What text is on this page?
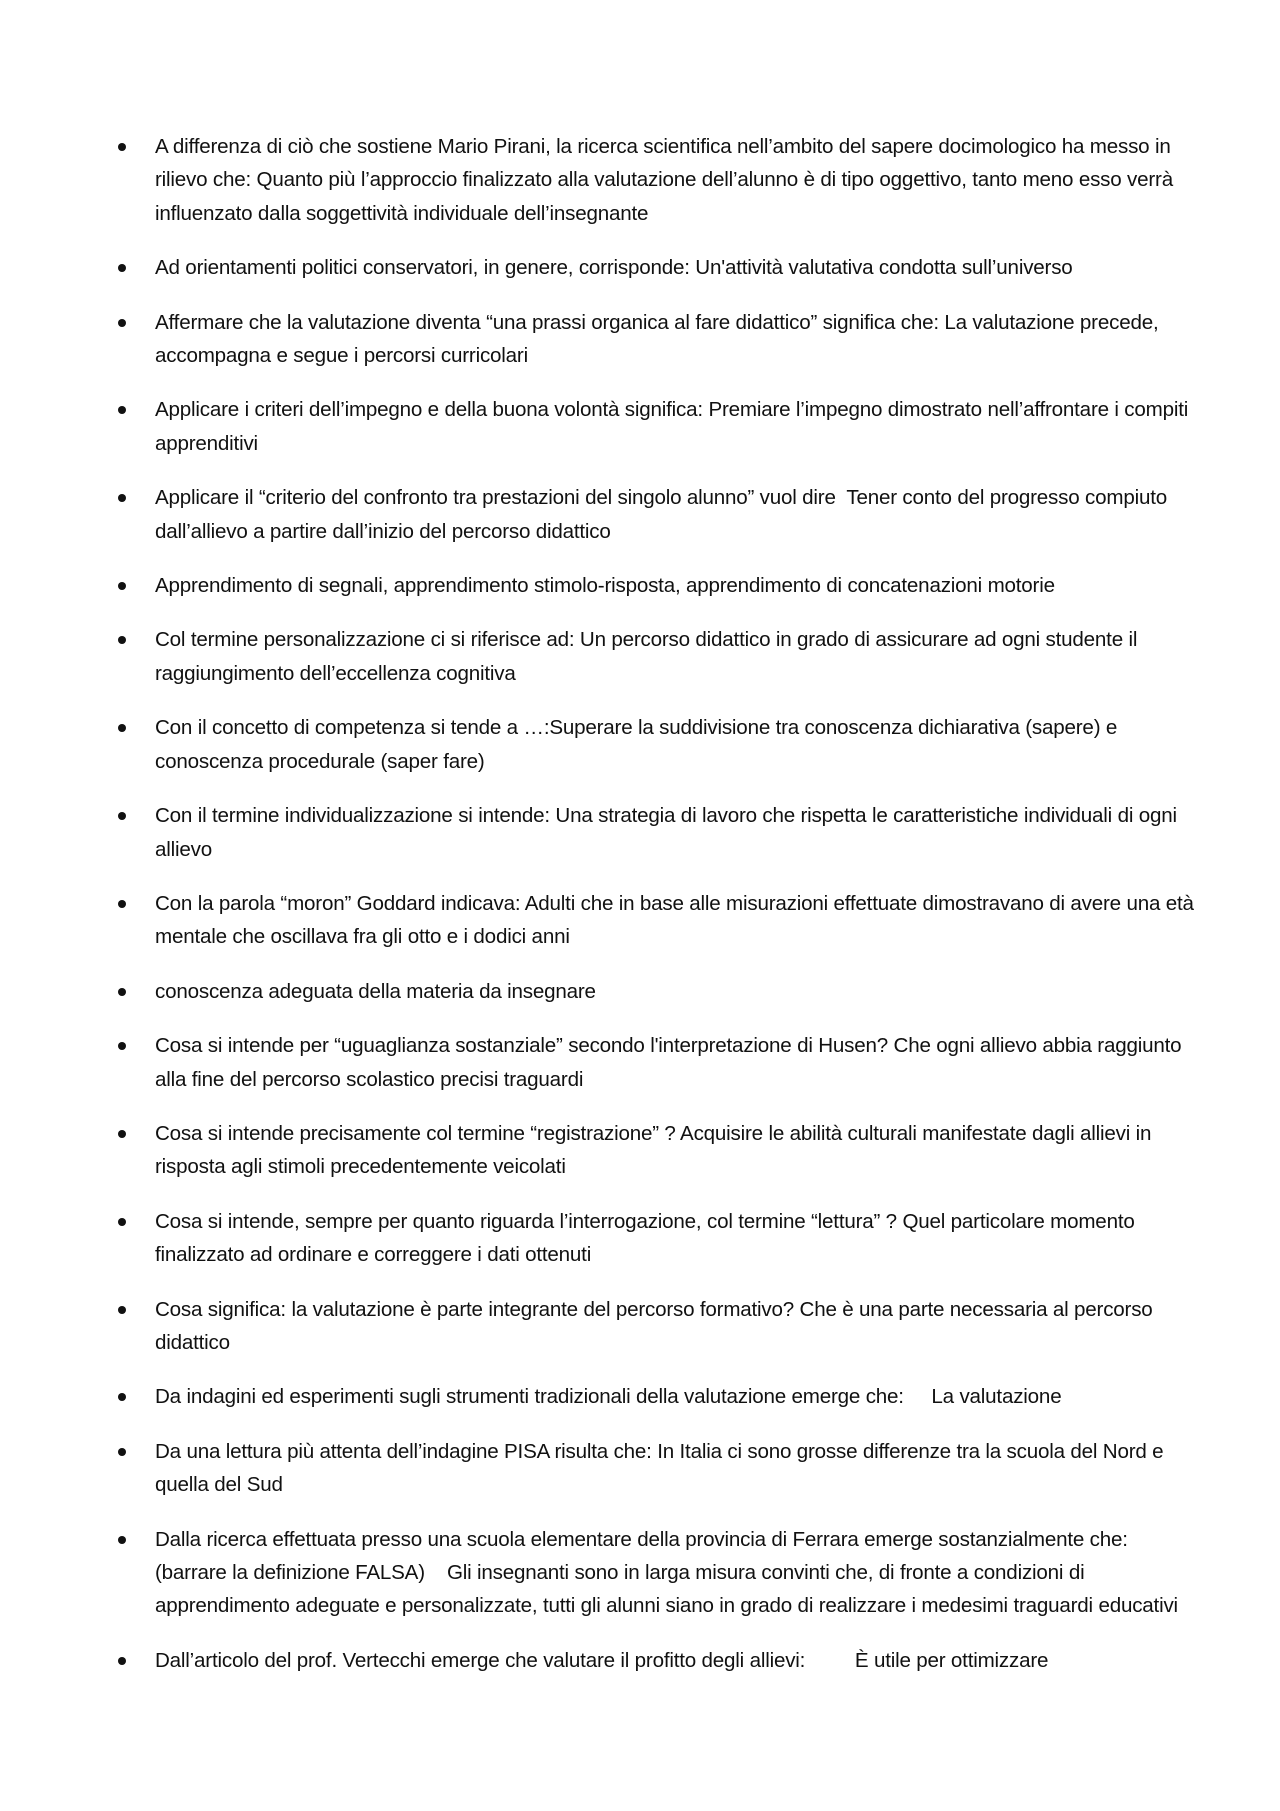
A differenza di ciò che sostiene Mario Pirani, la ricerca scientifica nell’ambito del sapere docimologico ha messo in rilievo che: Quanto più l’approccio finalizzato alla valutazione dell’alunno è di tipo oggettivo, tanto meno esso verrà influenzato dalla soggettività individuale dell’insegnante
Ad orientamenti politici conservatori, in genere, corrisponde: Un'attività valutativa condotta sull’universo
Affermare che la valutazione diventa “una prassi organica al fare didattico” significa che: La valutazione precede, accompagna e segue i percorsi curricolari
Applicare i criteri dell’impegno e della buona volontà significa: Premiare l’impegno dimostrato nell’affrontare i compiti apprenditivi
Applicare il “criterio del confronto tra prestazioni del singolo alunno” vuol dire  Tener conto del progresso compiuto dall’allievo a partire dall’inizio del percorso didattico
Apprendimento di segnali, apprendimento stimolo-risposta, apprendimento di concatenazioni motorie
Col termine personalizzazione ci si riferisce ad: Un percorso didattico in grado di assicurare ad ogni studente il raggiungimento dell’eccellenza cognitiva
Con il concetto di competenza si tende a …:Superare la suddivisione tra conoscenza dichiarativa (sapere) e conoscenza procedurale (saper fare)
Con il termine individualizzazione si intende: Una strategia di lavoro che rispetta le caratteristiche individuali di ogni allievo
Con la parola “moron” Goddard indicava: Adulti che in base alle misurazioni effettuate dimostravano di avere una età mentale che oscillava fra gli otto e i dodici anni
conoscenza adeguata della materia da insegnare
Cosa si intende per “uguaglianza sostanziale” secondo l'interpretazione di Husen? Che ogni allievo abbia raggiunto alla fine del percorso scolastico precisi traguardi
Cosa si intende precisamente col termine “registrazione” ? Acquisire le abilità culturali manifestate dagli allievi in risposta agli stimoli precedentemente veicolati
Cosa si intende, sempre per quanto riguarda l’interrogazione, col termine “lettura” ? Quel particolare momento finalizzato ad ordinare e correggere i dati ottenuti
Cosa significa: la valutazione è parte integrante del percorso formativo? Che è una parte necessaria al percorso didattico
Da indagini ed esperimenti sugli strumenti tradizionali della valutazione emerge che:     La valutazione
Da una lettura più attenta dell’indagine PISA risulta che: In Italia ci sono grosse differenze tra la scuola del Nord e quella del Sud
Dalla ricerca effettuata presso una scuola elementare della provincia di Ferrara emerge sostanzialmente che: (barrare la definizione FALSA)    Gli insegnanti sono in larga misura convinti che, di fronte a condizioni di apprendimento adeguate e personalizzate, tutti gli alunni siano in grado di realizzare i medesimi traguardi educativi
Dall’articolo del prof. Vertecchi emerge che valutare il profitto degli allievi:         È utile per ottimizzare
